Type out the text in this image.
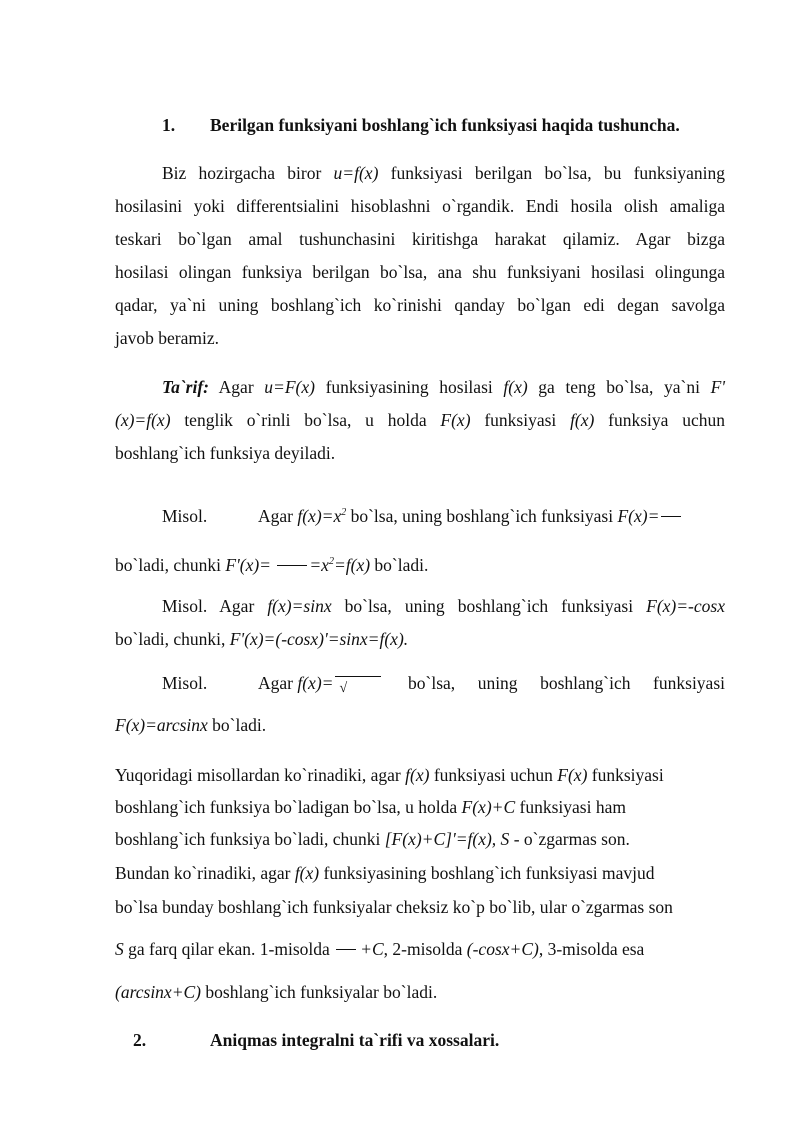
1. Berilgan funksiyani boshlang`ich funksiyasi haqida tushuncha.
Biz hozirgacha biror u=f(x) funksiyasi berilgan bo`lsa, bu funksiyaning
hosilasini yoki differentsialini hisoblashni o`rgandik. Endi hosila olish amaliga
teskari bo`lgan amal tushunchasini kiritishga harakat qilamiz. Agar bizga
hosilasi olingan funksiya berilgan bo`lsa, ana shu funksiyani hosilasi olingunga
qadar, ya`ni uning boshlang`ich ko`rinishi qanday bo`lgan edi degan savolga
javob beramiz.
Ta`rif: Agar u=F(x) funksiyasining hosilasi f(x) ga teng bo`lsa, ya`ni F'
(x)=f(x) tenglik o`rinli bo`lsa, u holda F(x) funksiyasi f(x) funksiya uchun
boshlang`ich funksiya deyiladi.
Misol.	Agar $f(x)=x^2$ bo`lsa, uning boshlang`ich funksiyasi F(x)=
bo`ladi, chunki $F'(x)= =x^2=f(x)$ bo`ladi.
Misol. Agar f(x)=sinx bo`lsa, uning boshlang`ich funksiyasi F(x)=-cosx
bo`ladi, chunki, F'(x)=(-cosx)'=sinx=f(x).
Misol.	Agar f(x)= √	bo`lsa, uning boshlang`ich funksiyasi
F(x)=arcsinx bo`ladi.
Yuqoridagi misollardan ko`rinadiki, agar f(x) funksiyasi uchun F(x) funksiyasi
boshlang`ich funksiya bo`ladigan bo`lsa, u holda F(x)+C funksiyasi ham
boshlang`ich funksiya bo`ladi, chunki [F(x)+C]'=f(x), S - o`zgarmas son.
Bundan ko`rinadiki, agar f(x) funksiyasining boshlang`ich funksiyasi mavjud
bo`lsa bunday boshlang`ich funksiyalar cheksiz ko`p bo`lib, ular o`zgarmas son
S ga farq qilar ekan. 1-misolda +C, 2-misolda (-cosx+C), 3-misolda esa
(arcsinx+C) boshlang`ich funksiyalar bo`ladi.
2.	Aniqmas integralni ta`rifi va xossalari.
